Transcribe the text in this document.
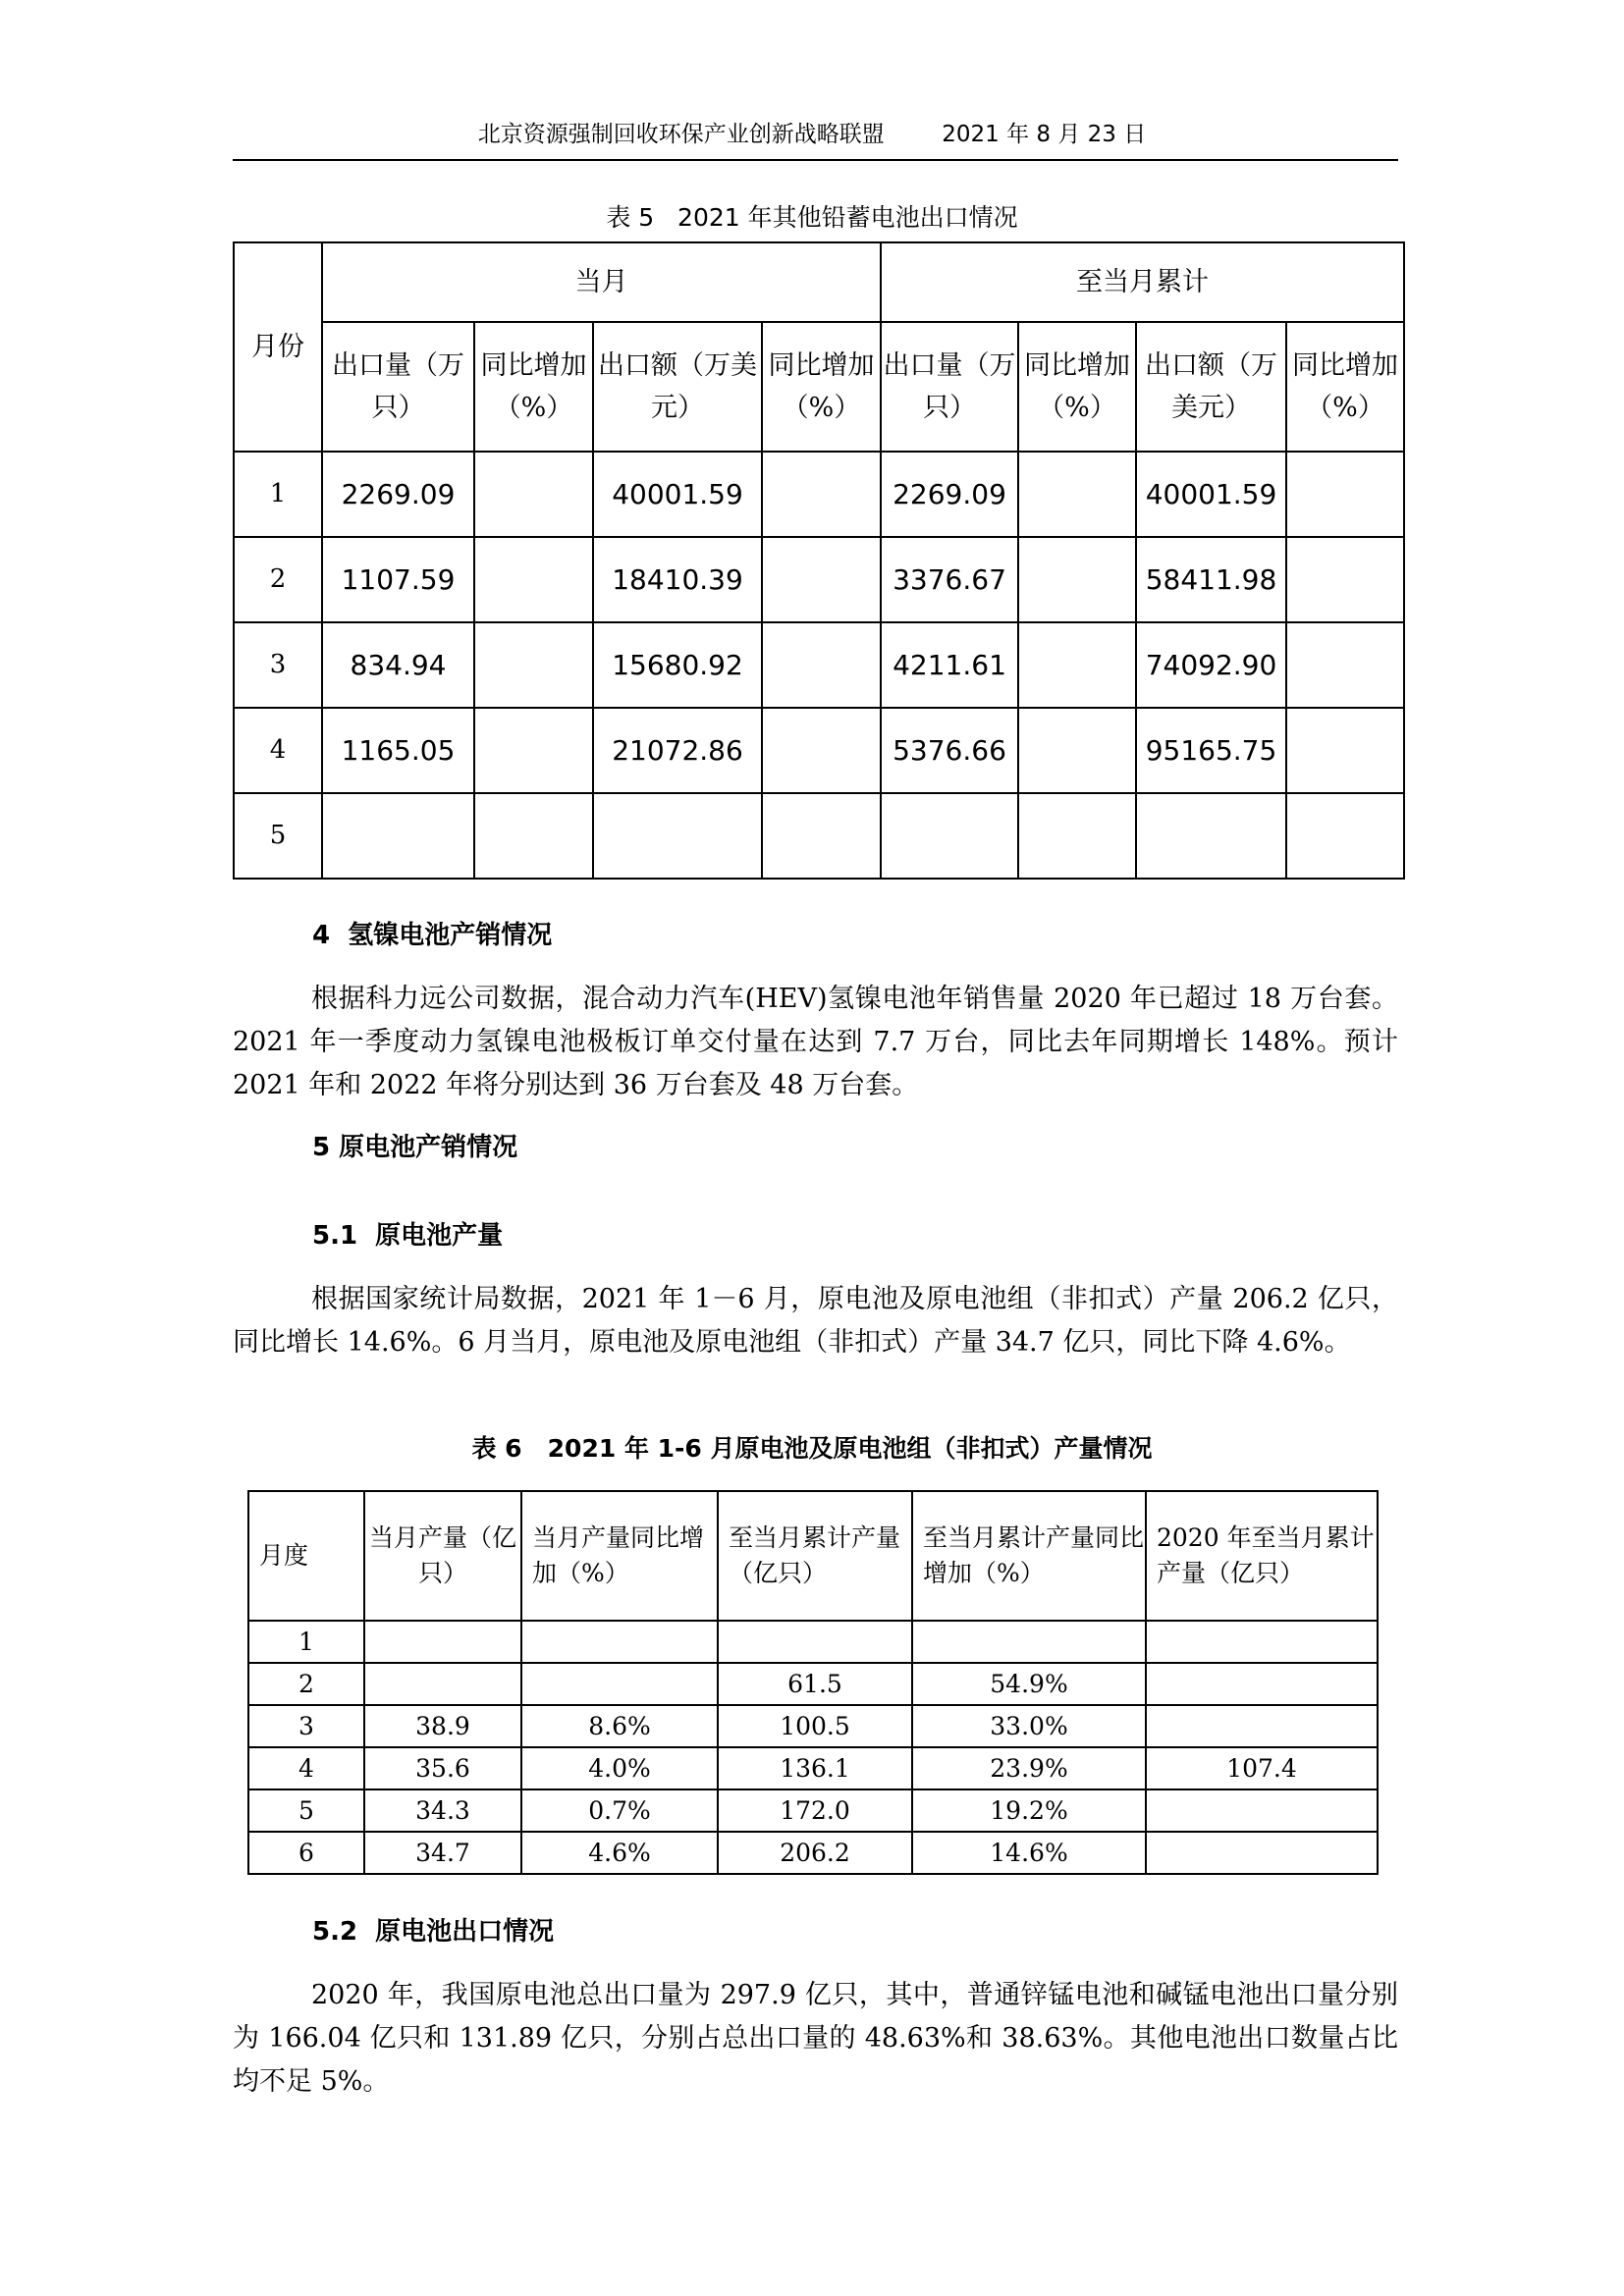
北京资源强制回收环保产业创新战略联盟	2021 年 8 月 23 日
表 5   2021 年其他铅蓄电池出口情况
月份	当月				至当月累计			
	出口量（万只）	同比增加（%）	出口额（万美元）	同比增加（%）	出口量（万只）	同比增加（%）	出口额（万美元）	同比增加（%）
1	2269.09		40001.59		2269.09		40001.59	
2	1107.59		18410.39		3376.67		58411.98	
3	834.94		15680.92		4211.61		74092.90	
4	1165.05		21072.86		5376.66		95165.75	
5								
4  氢镍电池产销情况
根据科力远公司数据，混合动力汽车(HEV)氢镍电池年销售量 2020 年已超过 18 万台套。2021 年一季度动力氢镍电池极板订单交付量在达到 7.7 万台，同比去年同期增长 148%。预计 2021 年和 2022 年将分别达到 36 万台套及 48 万台套。
5 原电池产销情况
5.1  原电池产量
根据国家统计局数据，2021 年 1－6 月，原电池及原电池组（非扣式）产量 206.2 亿只，同比增长 14.6%。6 月当月，原电池及原电池组（非扣式）产量 34.7 亿只，同比下降 4.6%。
表 6   2021 年 1-6 月原电池及原电池组（非扣式）产量情况
月度	当月产量（亿只）	当月产量同比增加（%）	至当月累计产量（亿只）	至当月累计产量同比增加（%）	2020 年至当月累计产量（亿只）
1					
2			61.5	54.9%	
3	38.9	8.6%	100.5	33.0%	
4	35.6	4.0%	136.1	23.9%	107.4
5	34.3	0.7%	172.0	19.2%	
6	34.7	4.6%	206.2	14.6%	
5.2  原电池出口情况
2020 年，我国原电池总出口量为 297.9 亿只，其中，普通锌锰电池和碱锰电池出口量分别为 166.04 亿只和 131.89 亿只，分别占总出口量的 48.63%和 38.63%。其他电池出口数量占比均不足 5%。
